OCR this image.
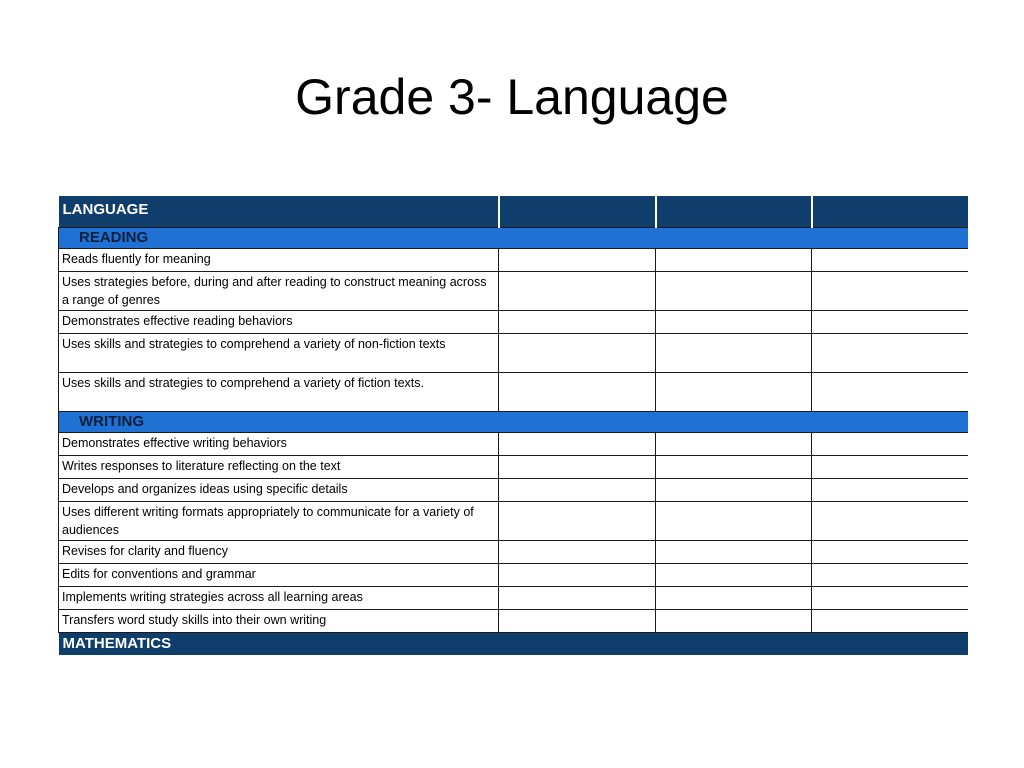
Grade 3- Language
LANGUAGE			
READING			
Reads fluently for meaning			
Uses strategies before, during and after reading to construct meaning across a range of genres			
Demonstrates effective reading behaviors			
Uses skills and strategies to comprehend a variety of non-fiction texts			
Uses skills and strategies to comprehend a variety of fiction texts.			
WRITING			
Demonstrates effective writing behaviors			
Writes responses to literature reflecting on the text			
Develops and organizes ideas using specific details			
Uses different writing formats appropriately to communicate for a variety of audiences			
Revises for clarity and fluency			
Edits for conventions and grammar			
Implements writing strategies across all learning areas			
Transfers word study skills into their own writing			
MATHEMATICS			
